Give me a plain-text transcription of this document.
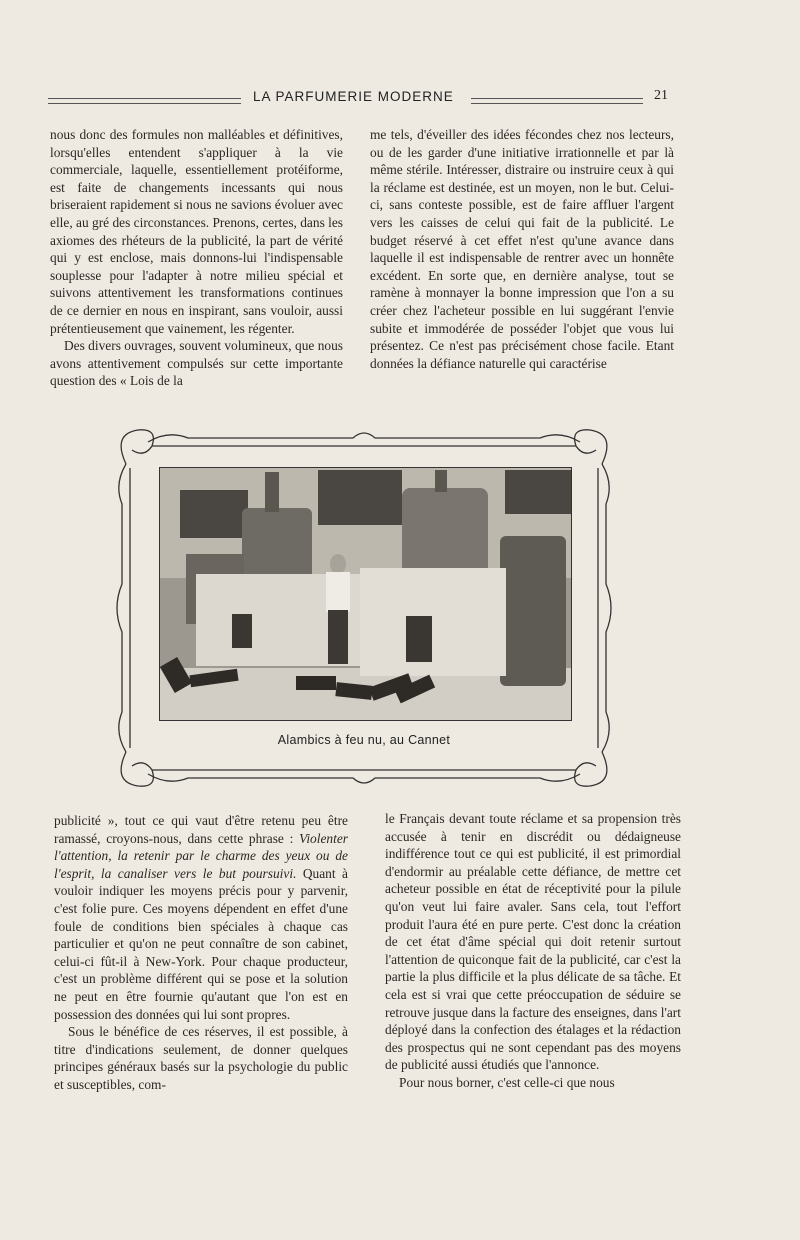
LA PARFUMERIE MODERNE	21

nous donc des formules non malléables et définitives, lorsqu'elles entendent s'appliquer à la vie commerciale, laquelle, essentiellement protéiforme, est faite de changements incessants qui nous briseraient rapidement si nous ne savions évoluer avec elle, au gré des circonstances. Prenons, certes, dans les axiomes des rhéteurs de la publicité, la part de vérité qui y est enclose, mais donnons-lui l'indispensable souplesse pour l'adapter à notre milieu spécial et suivons attentivement les transformations continues de ce dernier en nous en inspirant, sans vouloir, aussi prétentieusement que vainement, les régenter.

Des divers ouvrages, souvent volumineux, que nous avons attentivement compulsés sur cette importante question des « Lois de la

me tels, d'éveiller des idées fécondes chez nos lecteurs, ou de les garder d'une initiative irrationnelle et par là même stérile. Intéresser, distraire ou instruire ceux à qui la réclame est destinée, est un moyen, non le but. Celui-ci, sans conteste possible, est de faire affluer l'argent vers les caisses de celui qui fait de la publicité. Le budget réservé à cet effet n'est qu'une avance dans laquelle il est indispensable de rentrer avec un honnête excédent. En sorte que, en dernière analyse, tout se ramène à monnayer la bonne impression que l'on a su créer chez l'acheteur possible en lui suggérant l'envie subite et immodérée de posséder l'objet que vous lui présentez. Ce n'est pas précisément chose facile. Etant données la défiance naturelle qui caractérise

Alambics à feu nu, au Cannet

publicité », tout ce qui vaut d'être retenu peu être ramassé, croyons-nous, dans cette phrase : Violenter l'attention, la retenir par le charme des yeux ou de l'esprit, la canaliser vers le but poursuivi. Quant à vouloir indiquer les moyens précis pour y parvenir, c'est folie pure. Ces moyens dépendent en effet d'une foule de conditions bien spéciales à chaque cas particulier et qu'on ne peut connaître de son cabinet, celui-ci fût-il à New-York. Pour chaque producteur, c'est un problème différent qui se pose et la solution ne peut en être fournie qu'autant que l'on est en possession des données qui lui sont propres.

Sous le bénéfice de ces réserves, il est possible, à titre d'indications seulement, de donner quelques principes généraux basés sur la psychologie du public et susceptibles, com-

le Français devant toute réclame et sa propension très accusée à tenir en discrédit ou dédaigneuse indifférence tout ce qui est publicité, il est primordial d'endormir au préalable cette défiance, de mettre cet acheteur possible en état de réceptivité pour la pilule qu'on veut lui faire avaler. Sans cela, tout l'effort produit l'aura été en pure perte. C'est donc la création de cet état d'âme spécial qui doit retenir surtout l'attention de quiconque fait de la publicité, car c'est la partie la plus difficile et la plus délicate de sa tâche. Et cela est si vrai que cette préoccupation de séduire se retrouve jusque dans la facture des enseignes, dans l'art déployé dans la confection des étalages et la rédaction des prospectus qui ne sont cependant pas des moyens de publicité aussi étudiés que l'annonce.

Pour nous borner, c'est celle-ci que nous
